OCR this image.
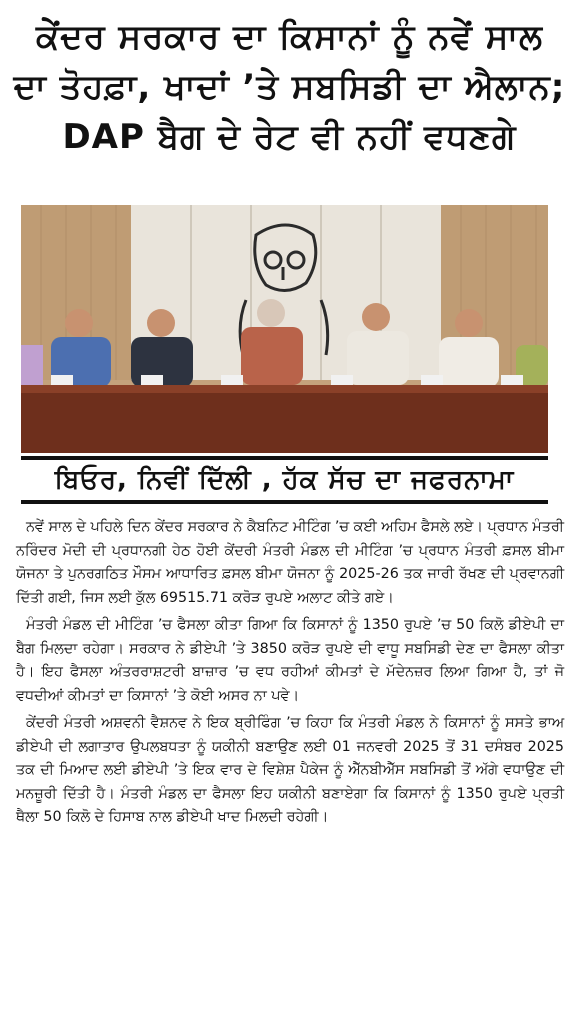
ਕੇਂਦਰ ਸਰਕਾਰ ਦਾ ਕਿਸਾਨਾਂ ਨੂੰ ਨਵੇਂ ਸਾਲ
ਦਾ ਤੋਹਫ਼ਾ, ਖਾਦਾਂ ’ਤੇ ਸਬਸਿਡੀ ਦਾ ਐਲਾਨ;
DAP ਬੈਗ ਦੇ ਰੇਟ ਵੀ ਨਹੀਂ ਵਧਣਗੇ
ਬਿਓਰ, ਨਿਵੀਂ ਦਿੱਲੀ , ਹੱਕ ਸੱਚ ਦਾ ਜਫਰਨਾਮਾ

ਨਵੇਂ ਸਾਲ ਦੇ ਪਹਿਲੇ ਦਿਨ ਕੇਂਦਰ ਸਰਕਾਰ ਨੇ ਕੈਬਨਿਟ ਮੀਟਿੰਗ ’ਚ ਕਈ ਅਹਿਮ ਫੈਸਲੇ ਲਏ। ਪ੍ਰਧਾਨ ਮੰਤਰੀ ਨਰਿੰਦਰ ਮੋਦੀ ਦੀ ਪ੍ਰਧਾਨਗੀ ਹੇਠ ਹੋਈ ਕੇਂਦਰੀ ਮੰਤਰੀ ਮੰਡਲ ਦੀ ਮੀਟਿੰਗ ’ਚ ਪ੍ਰਧਾਨ ਮੰਤਰੀ ਫ਼ਸਲ ਬੀਮਾ ਯੋਜਨਾ ਤੇ ਪੁਨਰਗਠਿਤ ਮੌਸਮ ਆਧਾਰਿਤ ਫ਼ਸਲ ਬੀਮਾ ਯੋਜਨਾ ਨੂੰ 2025-26 ਤਕ ਜਾਰੀ ਰੱਖਣ ਦੀ ਪ੍ਰਵਾਨਗੀ ਦਿੱਤੀ ਗਈ, ਜਿਸ ਲਈ ਕੁੱਲ 69515.71 ਕਰੋੜ ਰੁਪਏ ਅਲਾਟ ਕੀਤੇ ਗਏ।

ਮੰਤਰੀ ਮੰਡਲ ਦੀ ਮੀਟਿੰਗ ’ਚ ਫੈਸਲਾ ਕੀਤਾ ਗਿਆ ਕਿ ਕਿਸਾਨਾਂ ਨੂੰ 1350 ਰੁਪਏ ’ਚ 50 ਕਿਲੋ ਡੀਏਪੀ ਦਾ ਬੈਗ ਮਿਲਦਾ ਰਹੇਗਾ। ਸਰਕਾਰ ਨੇ ਡੀਏਪੀ ’ਤੇ 3850 ਕਰੋੜ ਰੁਪਏ ਦੀ ਵਾਧੂ ਸਬਸਿਡੀ ਦੇਣ ਦਾ ਫੈਸਲਾ ਕੀਤਾ ਹੈ। ਇਹ ਫੈਸਲਾ ਅੰਤਰਰਾਸ਼ਟਰੀ ਬਾਜ਼ਾਰ ’ਚ ਵਧ ਰਹੀਆਂ ਕੀਮਤਾਂ ਦੇ ਮੱਦੇਨਜ਼ਰ ਲਿਆ ਗਿਆ ਹੈ, ਤਾਂ ਜੋ ਵਧਦੀਆਂ ਕੀਮਤਾਂ ਦਾ ਕਿਸਾਨਾਂ ’ਤੇ ਕੋਈ ਅਸਰ ਨਾ ਪਵੇ।

ਕੇਂਦਰੀ ਮੰਤਰੀ ਅਸ਼ਵਨੀ ਵੈਸ਼ਨਵ ਨੇ ਇਕ ਬ੍ਰੀਫਿੰਗ ’ਚ ਕਿਹਾ ਕਿ ਮੰਤਰੀ ਮੰਡਲ ਨੇ ਕਿਸਾਨਾਂ ਨੂੰ ਸਸਤੇ ਭਾਅ ਡੀਏਪੀ ਦੀ ਲਗਾਤਾਰ ਉਪਲਬਧਤਾ ਨੂੰ ਯਕੀਨੀ ਬਣਾਉਣ ਲਈ 01 ਜਨਵਰੀ 2025 ਤੋਂ 31 ਦਸੰਬਰ 2025 ਤਕ ਦੀ ਮਿਆਦ ਲਈ ਡੀਏਪੀ ’ਤੇ ਇਕ ਵਾਰ ਦੇ ਵਿਸ਼ੇਸ਼ ਪੈਕੇਜ ਨੂੰ ਐੱਨਬੀਐੱਸ ਸਬਸਿਡੀ ਤੋਂ ਅੱਗੇ ਵਧਾਉਣ ਦੀ ਮਨਜ਼ੂਰੀ ਦਿੱਤੀ ਹੈ। ਮੰਤਰੀ ਮੰਡਲ ਦਾ ਫੈਸਲਾ ਇਹ ਯਕੀਨੀ ਬਣਾਏਗਾ ਕਿ ਕਿਸਾਨਾਂ ਨੂੰ 1350 ਰੁਪਏ ਪ੍ਰਤੀ ਥੈਲਾ 50 ਕਿਲੋ ਦੇ ਹਿਸਾਬ ਨਾਲ ਡੀਏਪੀ ਖਾਦ ਮਿਲਦੀ ਰਹੇਗੀ।
